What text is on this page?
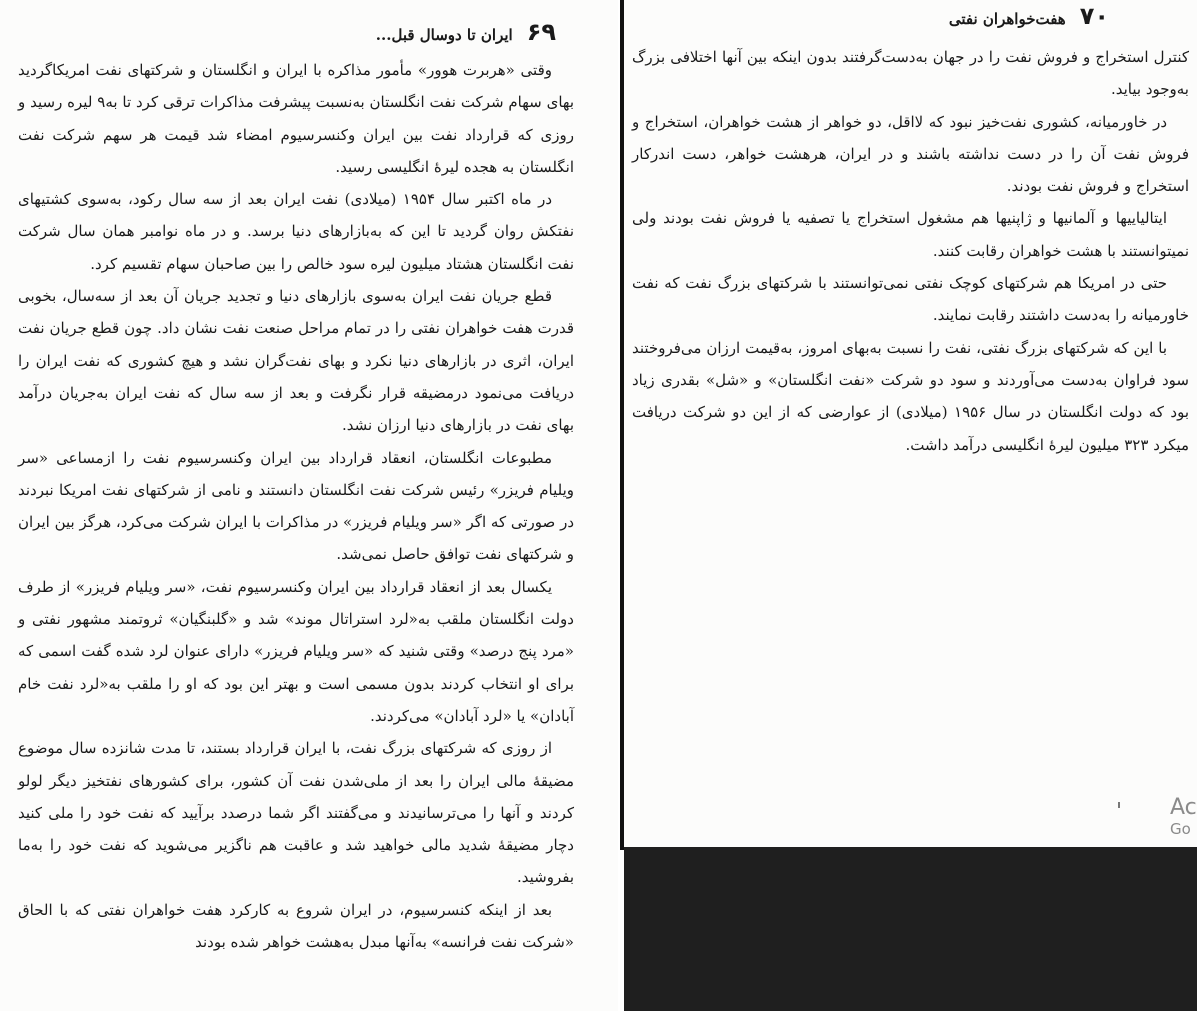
ایران تا دوسال قبل... ۶۹

وقتی «هربرت هوور» مأمور مذاکره با ایران و انگلستان و شرکتهای نفت امریکاگردید بهای سهام شرکت نفت انگلستان به‌نسبت پیشرفت مذاکرات ترقی کرد تا به۹ لیره رسید و روزی که قرارداد نفت بین ایران وکنسرسیوم امضاء شد قیمت هر سهم شرکت نفت انگلستان به هجده لیرهٔ انگلیسی رسید.

در ماه اکتبر سال ۱۹۵۴ (میلادی) نفت ایران بعد از سه سال رکود، به‌سوی کشتیهای نفتکش روان گردید تا این که به‌بازارهای دنیا برسد. و در ماه نوامبر همان سال شرکت نفت انگلستان هشتاد میلیون لیره سود خالص را بین صاحبان سهام تقسیم کرد.

قطع جریان نفت ایران به‌سوی بازارهای دنیا و تجدید جریان آن بعد از سه‌سال، بخوبی قدرت هفت خواهران نفتی را در تمام مراحل صنعت نفت نشان داد. چون قطع جریان نفت ایران، اثری در بازارهای دنیا نکرد و بهای نفت‌گران نشد و هیچ کشوری که نفت ایران را دریافت می‌نمود درمضیقه قرار نگرفت و بعد از سه سال که نفت ایران به‌جریان درآمد بهای نفت در بازارهای دنیا ارزان نشد.

مطبوعات انگلستان، انعقاد قرارداد بین ایران وکنسرسیوم نفت را ازمساعی «سر ویلیام فریزر» رئیس شرکت نفت انگلستان دانستند و نامی از شرکتهای نفت امریکا نبردند در صورتی که اگر «سر ویلیام فریزر» در مذاکرات با ایران شرکت می‌کرد، هرگز بین ایران و شرکتهای نفت توافق حاصل نمی‌شد.

یکسال بعد از انعقاد قرارداد بین ایران وکنسرسیوم نفت، «سر ویلیام فریزر» از طرف دولت انگلستان ملقب به«لرد استراتال موند» شد و «گلبنگیان» ثروتمند مشهور نفتی و «مرد پنج درصد» وقتی شنید که «سر ویلیام فریزر» دارای عنوان لرد شده گفت اسمی که برای او انتخاب کردند بدون مسمی است و بهتر این بود که او را ملقب به«لرد نفت خام آبادان» یا «لرد آبادان» می‌کردند.

از روزی که شرکتهای بزرگ نفت، با ایران قرارداد بستند، تا مدت شانزده سال موضوع مضیقهٔ مالی ایران را بعد از ملی‌شدن نفت آن کشور، برای کشورهای نفتخیز دیگر لولو کردند و آنها را می‌ترسانیدند و می‌گفتند اگر شما درصدد برآیید که نفت خود را ملی کنید دچار مضیقهٔ شدید مالی خواهید شد و عاقبت هم ناگزیر می‌شوید که نفت خود را به‌ما بفروشید.

بعد از اینکه کنسرسیوم، در ایران شروع به کارکرد هفت خواهران نفتی که با الحاق «شرکت نفت فرانسه» به‌آنها مبدل به‌هشت خواهر شده بودند

۷۰
هفت‌خواهران نفتی

کنترل استخراج و فروش نفت را در جهان به‌دست‌گرفتند بدون اینکه بین آنها اختلافی بزرگ به‌وجود بیاید.

در خاورمیانه، کشوری نفت‌خیز نبود که لااقل، دو خواهر از هشت خواهران، استخراج و فروش نفت آن را در دست نداشته باشند و در ایران، هرهشت خواهر، دست اندرکار استخراج و فروش نفت بودند.

ایتالیاییها و آلمانیها و ژاپنیها هم مشغول استخراج یا تصفیه یا فروش نفت بودند ولی نمیتوانستند با هشت خواهران رقابت کنند.

حتی در امریکا هم شرکتهای کوچک نفتی نمی‌توانستند با شرکتهای بزرگ نفت که نفت خاورمیانه را به‌دست داشتند رقابت نمایند.

با این که شرکتهای بزرگ نفتی، نفت را نسبت به‌بهای امروز، به‌قیمت ارزان می‌فروختند سود فراوان به‌دست می‌آوردند و سود دو شرکت «نفت انگلستان» و «شل» بقدری زیاد بود که دولت انگلستان در سال ۱۹۵۶ (میلادی) از عوارضی که از این دو شرکت دریافت میکرد ۳۲۳ میلیون لیرهٔ انگلیسی درآمد داشت.

Ac
Go
